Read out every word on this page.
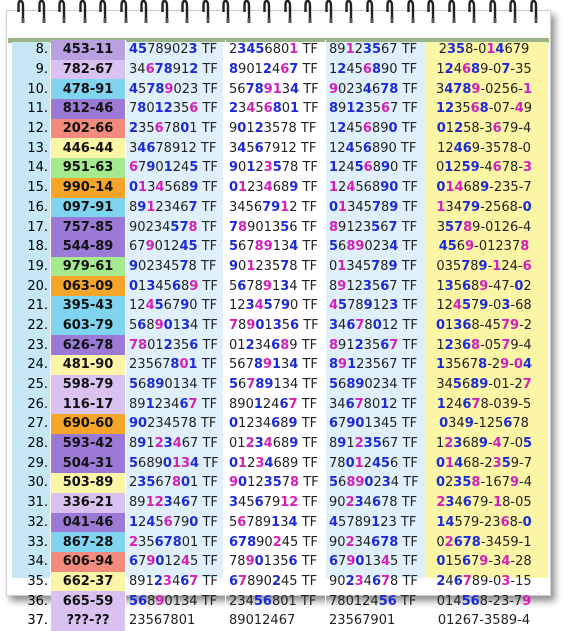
8.	453-11	45789023 TF	23456801 TF	89123567 TF	2358-014679
9.	782-67	34678912 TF	89012467 TF	12456890 TF	124689-07-35
10.	478-91	45789023 TF	56789134 TF	90234678 TF	34789-0256-1
11.	812-46	78012356 TF	23456801 TF	89123567 TF	123568-07-49
12.	202-66	23567801 TF	90123578 TF	12456890 TF	01258-3679-4
13.	446-44	34678912 TF	34567912 TF	12456890 TF	12469-3578-0
14.	951-63	67901245 TF	90123578 TF	12456890 TF	01259-4678-3
15.	990-14	01345689 TF	01234689 TF	12456890 TF	014689-235-7
16.	097-91	89123467 TF	34567912 TF	01345789 TF	13479-2568-0
17.	757-85	90234578 TF	78901356 TF	89123567 TF	35789-0126-4
18.	544-89	67901245 TF	56789134 TF	56890234 TF	4569-012378
19.	979-61	90234578 TF	90123578 TF	01345789 TF	035789-124-6
20.	063-09	01345689 TF	56789134 TF	89123567 TF	135689-47-02
21.	395-43	12456790 TF	12345790 TF	45789123 TF	124579-03-68
22.	603-79	56890134 TF	78901356 TF	34678012 TF	01368-4579-2
23.	626-78	78012356 TF	01234689 TF	89123567 TF	12368-0579-4
24.	481-90	23567801 TF	56789134 TF	89123567 TF	135678-29-04
25.	598-79	56890134 TF	56789134 TF	56890234 TF	345689-01-27
26.	116-17	89123467 TF	89012467 TF	34678012 TF	124678-039-5
27.	690-60	90234578 TF	01234689 TF	67901345 TF	0349-125678
28.	593-42	89123467 TF	01234689 TF	89123567 TF	123689-47-05
29.	504-31	56890134 TF	01234689 TF	78012456 TF	01468-2359-7
30.	503-89	23567801 TF	90123578 TF	56890234 TF	02358-1679-4
31.	336-21	89123467 TF	34567912 TF	90234678 TF	234679-18-05
32.	041-46	12456790 TF	56789134 TF	45789123 TF	14579-2368-0
33.	867-28	23567801 TF	67890245 TF	90234678 TF	02678-3459-1
34.	606-94	67901245 TF	78901356 TF	67901345 TF	015679-34-28
35.	662-37	89123467 TF	67890245 TF	90234678 TF	246789-03-15
36.	665-59	56890134 TF	23456801 TF	78012456 TF	014568-23-79
37.	???-??	23567801	89012467	23567901	01267-3589-4
